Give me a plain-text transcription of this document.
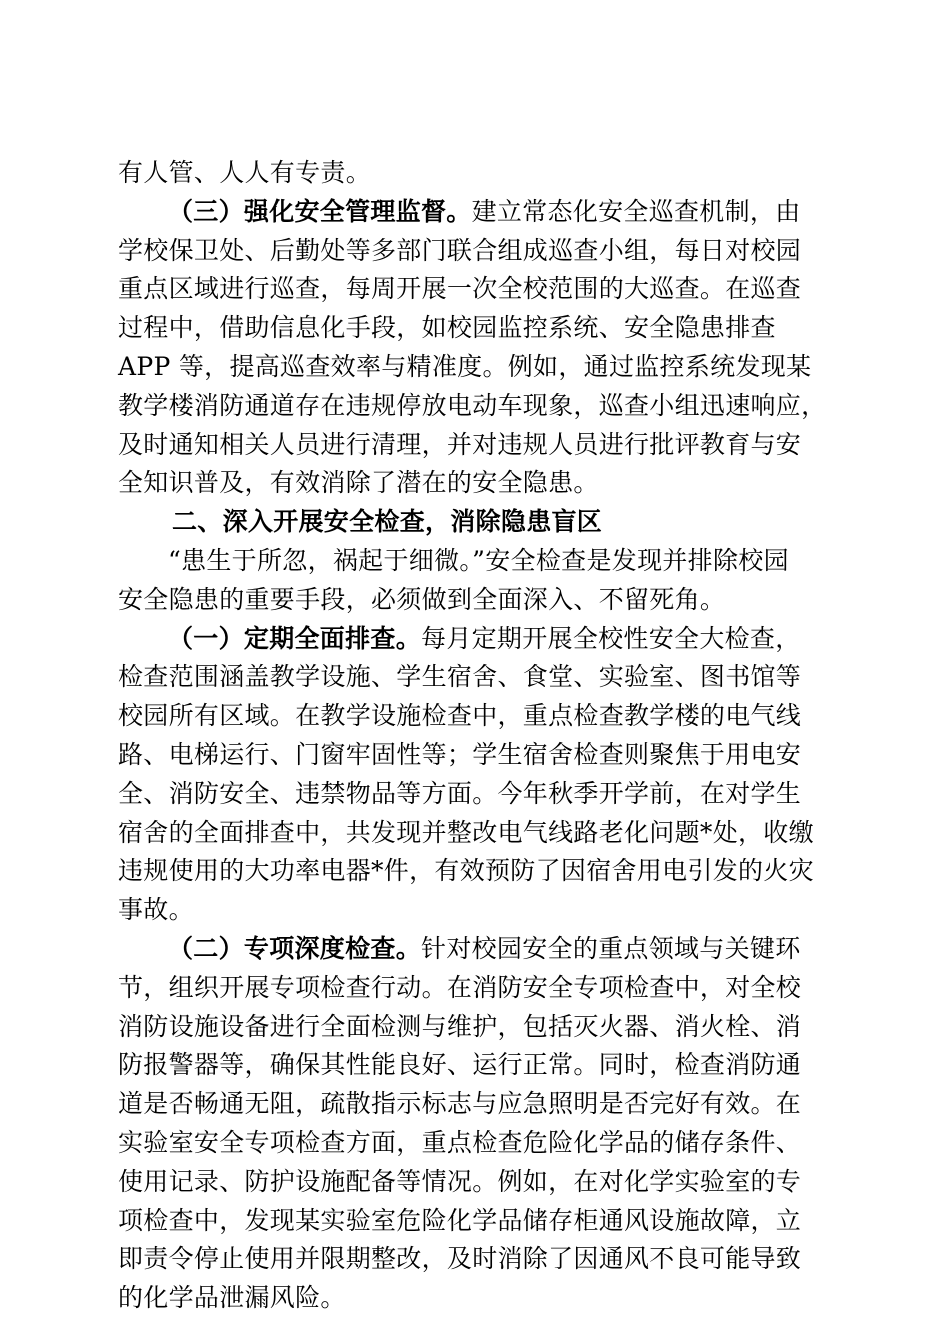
有人管、人人有专责。
（三）强化安全管理监督。建立常态化安全巡查机制，由
学校保卫处、后勤处等多部门联合组成巡查小组，每日对校园
重点区域进行巡查，每周开展一次全校范围的大巡查。在巡查
过程中，借助信息化手段，如校园监控系统、安全隐患排查
APP 等，提高巡查效率与精准度。例如，通过监控系统发现某
教学楼消防通道存在违规停放电动车现象，巡查小组迅速响应，
及时通知相关人员进行清理，并对违规人员进行批评教育与安
全知识普及，有效消除了潜在的安全隐患。
二、深入开展安全检查，消除隐患盲区
“患生于所忽，祸起于细微。”安全检查是发现并排除校园
安全隐患的重要手段，必须做到全面深入、不留死角。
（一）定期全面排查。每月定期开展全校性安全大检查，
检查范围涵盖教学设施、学生宿舍、食堂、实验室、图书馆等
校园所有区域。在教学设施检查中，重点检查教学楼的电气线
路、电梯运行、门窗牢固性等；学生宿舍检查则聚焦于用电安
全、消防安全、违禁物品等方面。今年秋季开学前，在对学生
宿舍的全面排查中，共发现并整改电气线路老化问题*处，收缴
违规使用的大功率电器*件，有效预防了因宿舍用电引发的火灾
事故。
（二）专项深度检查。针对校园安全的重点领域与关键环
节，组织开展专项检查行动。在消防安全专项检查中，对全校
消防设施设备进行全面检测与维护，包括灭火器、消火栓、消
防报警器等，确保其性能良好、运行正常。同时，检查消防通
道是否畅通无阻，疏散指示标志与应急照明是否完好有效。在
实验室安全专项检查方面，重点检查危险化学品的储存条件、
使用记录、防护设施配备等情况。例如，在对化学实验室的专
项检查中，发现某实验室危险化学品储存柜通风设施故障，立
即责令停止使用并限期整改，及时消除了因通风不良可能导致
的化学品泄漏风险。
